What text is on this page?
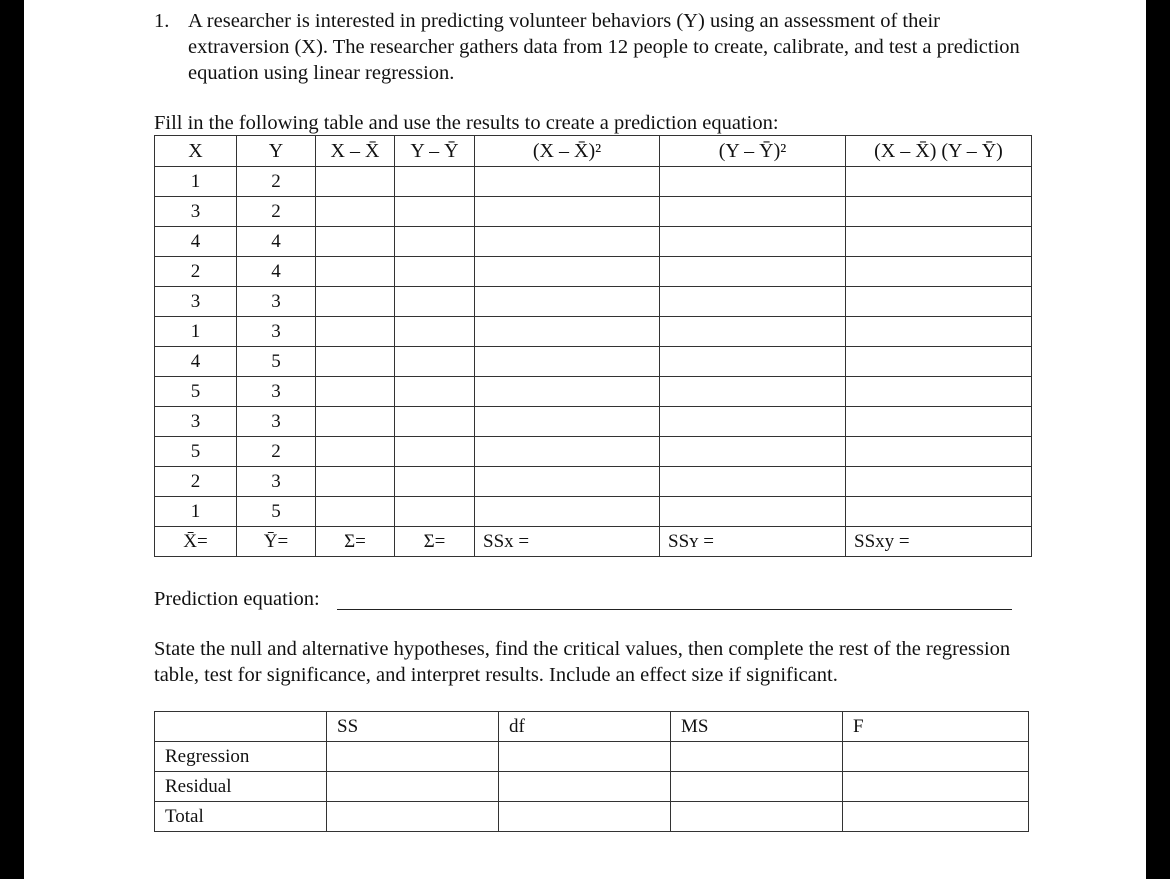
1. A researcher is interested in predicting volunteer behaviors (Y) using an assessment of their extraversion (X). The researcher gathers data from 12 people to create, calibrate, and test a prediction equation using linear regression.
Fill in the following table and use the results to create a prediction equation:
X	Y	X – X̄	Y – Ȳ	(X – X̄)²	(Y – Ȳ)²	(X – X̄) (Y – Ȳ)
1	2					
3	2					
4	4					
2	4					
3	3					
1	3					
4	5					
5	3					
3	3					
5	2					
2	3					
1	5					
X̄=	Ȳ=	Σ=	Σ=	SSx =	SSʏ =	SSxy =
Prediction equation:
State the null and alternative hypotheses, find the critical values, then complete the rest of the regression table, test for significance, and interpret results. Include an effect size if significant.
	SS	df	MS	F
Regression				
Residual				
Total				
